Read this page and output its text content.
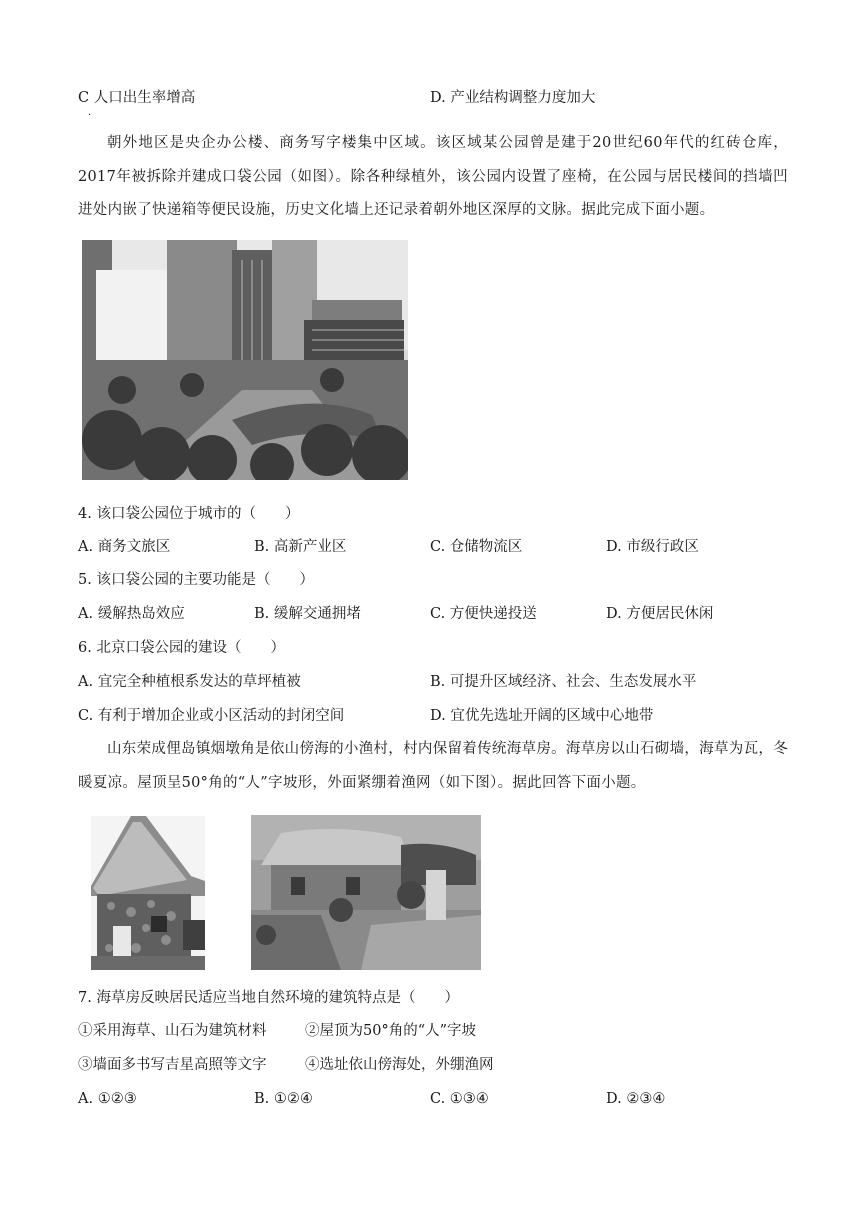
C 人口出生率增高
·
D. 产业结构调整力度加大
朝外地区是央企办公楼、商务写字楼集中区域。该区域某公园曾是建于20世纪60年代的红砖仓库，2017年被拆除并建成口袋公园（如图）。除各种绿植外，该公园内设置了座椅，在公园与居民楼间的挡墙凹进处内嵌了快递箱等便民设施，历史文化墙上还记录着朝外地区深厚的文脉。据此完成下面小题。
4. 该口袋公园位于城市的（　　）
A. 商务文旅区	B. 高新产业区	C. 仓储物流区	D. 市级行政区
5. 该口袋公园的主要功能是（　　）
A. 缓解热岛效应	B. 缓解交通拥堵	C. 方便快递投送	D. 方便居民休闲
6. 北京口袋公园的建设（　　）
A. 宜完全种植根系发达的草坪植被	B. 可提升区域经济、社会、生态发展水平
C. 有利于增加企业或小区活动的封闭空间	D. 宜优先选址开阔的区域中心地带
山东荣成俚岛镇烟墩角是依山傍海的小渔村，村内保留着传统海草房。海草房以山石砌墙，海草为瓦，冬暖夏凉。屋顶呈50°角的“人”字坡形，外面紧绷着渔网（如下图）。据此回答下面小题。
7. 海草房反映居民适应当地自然环境的建筑特点是（　　）
①采用海草、山石为建筑材料	②屋顶为50°角的“人”字坡
③墙面多书写吉星高照等文字	④选址依山傍海处，外绷渔网
A. ①②③	B. ①②④	C. ①③④	D. ②③④
